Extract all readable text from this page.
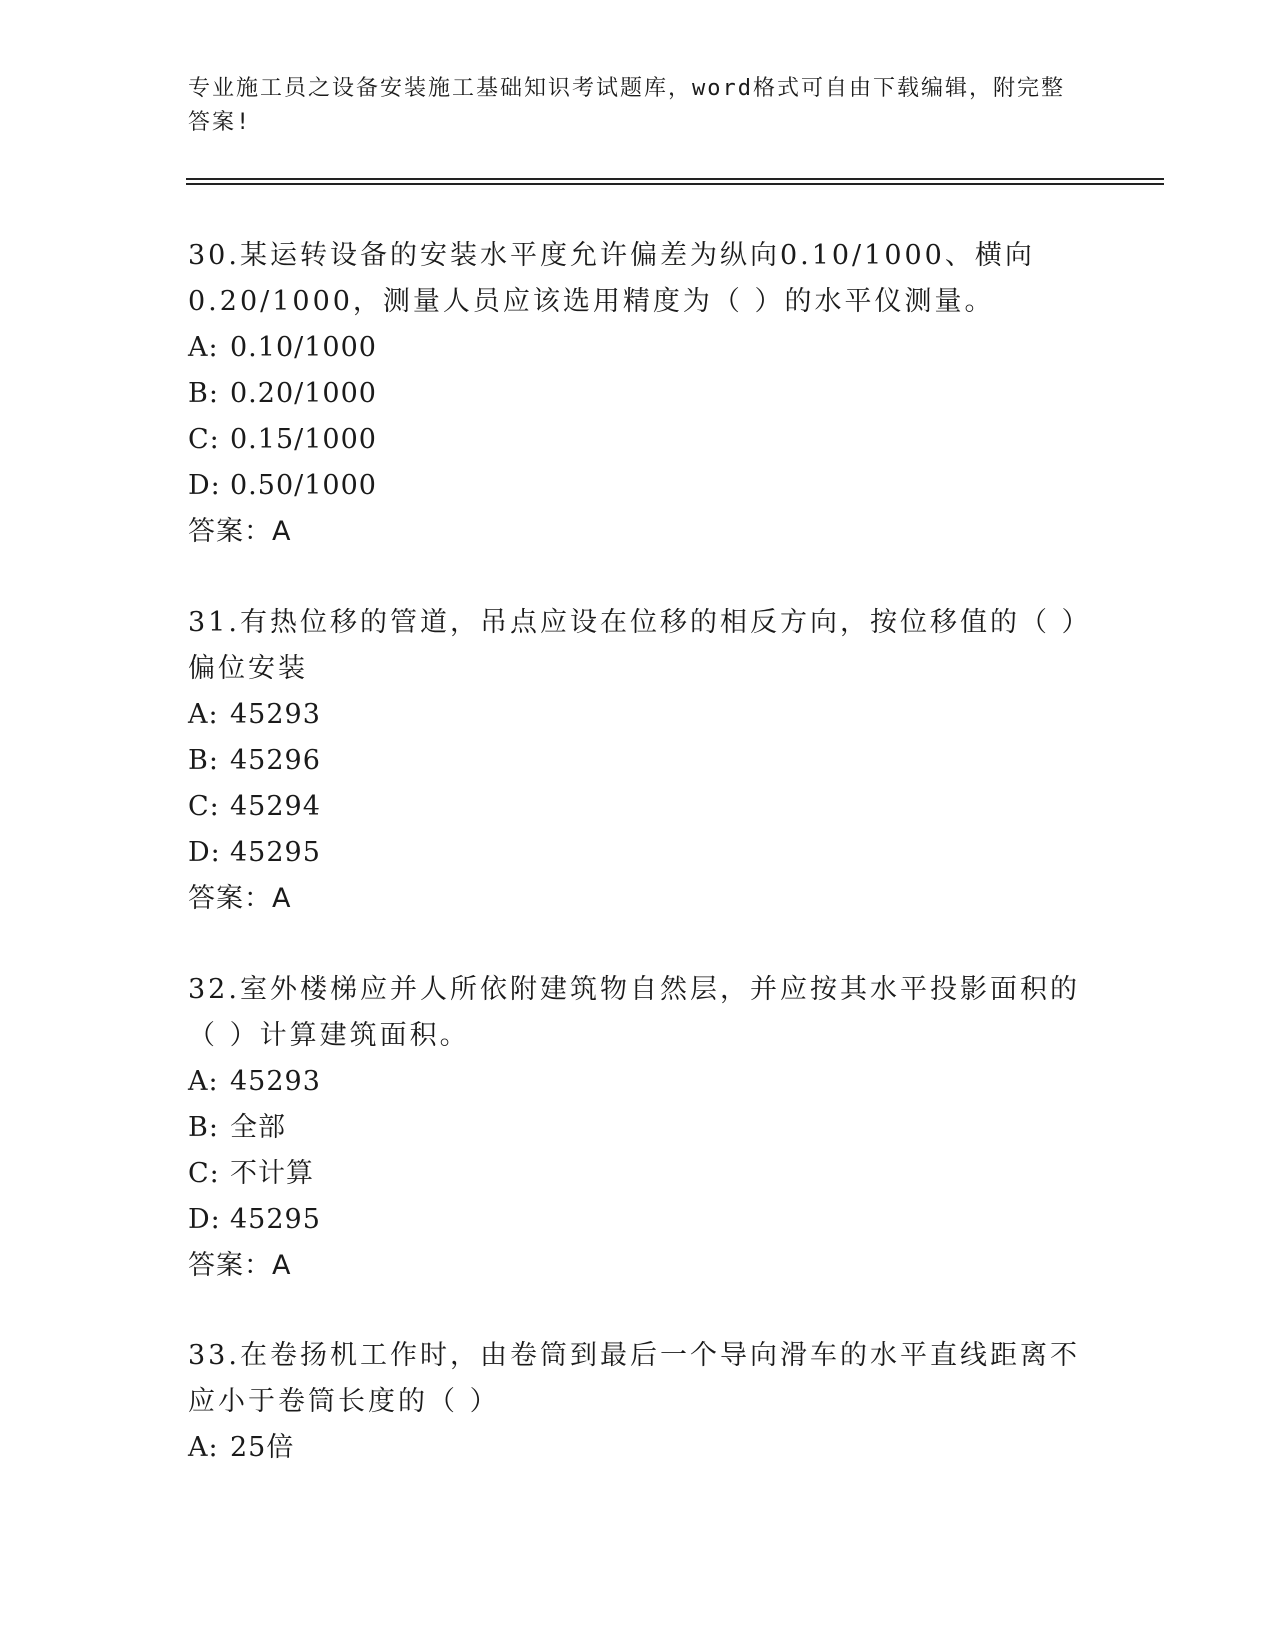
专业施工员之设备安装施工基础知识考试题库，word格式可自由下载编辑，附完整答案!
30.某运转设备的安装水平度允许偏差为纵向0.10/1000、横向0.20/1000，测量人员应该选用精度为（ ）的水平仪测量。
A: 0.10/1000
B: 0.20/1000
C: 0.15/1000
D: 0.50/1000
答案：A
31.有热位移的管道，吊点应设在位移的相反方向，按位移值的（ ）偏位安装
A: 45293
B: 45296
C: 45294
D: 45295
答案：A
32.室外楼梯应并人所依附建筑物自然层，并应按其水平投影面积的（ ）计算建筑面积。
A: 45293
B: 全部
C: 不计算
D: 45295
答案：A
33.在卷扬机工作时，由卷筒到最后一个导向滑车的水平直线距离不应小于卷筒长度的（ ）
A: 25倍
